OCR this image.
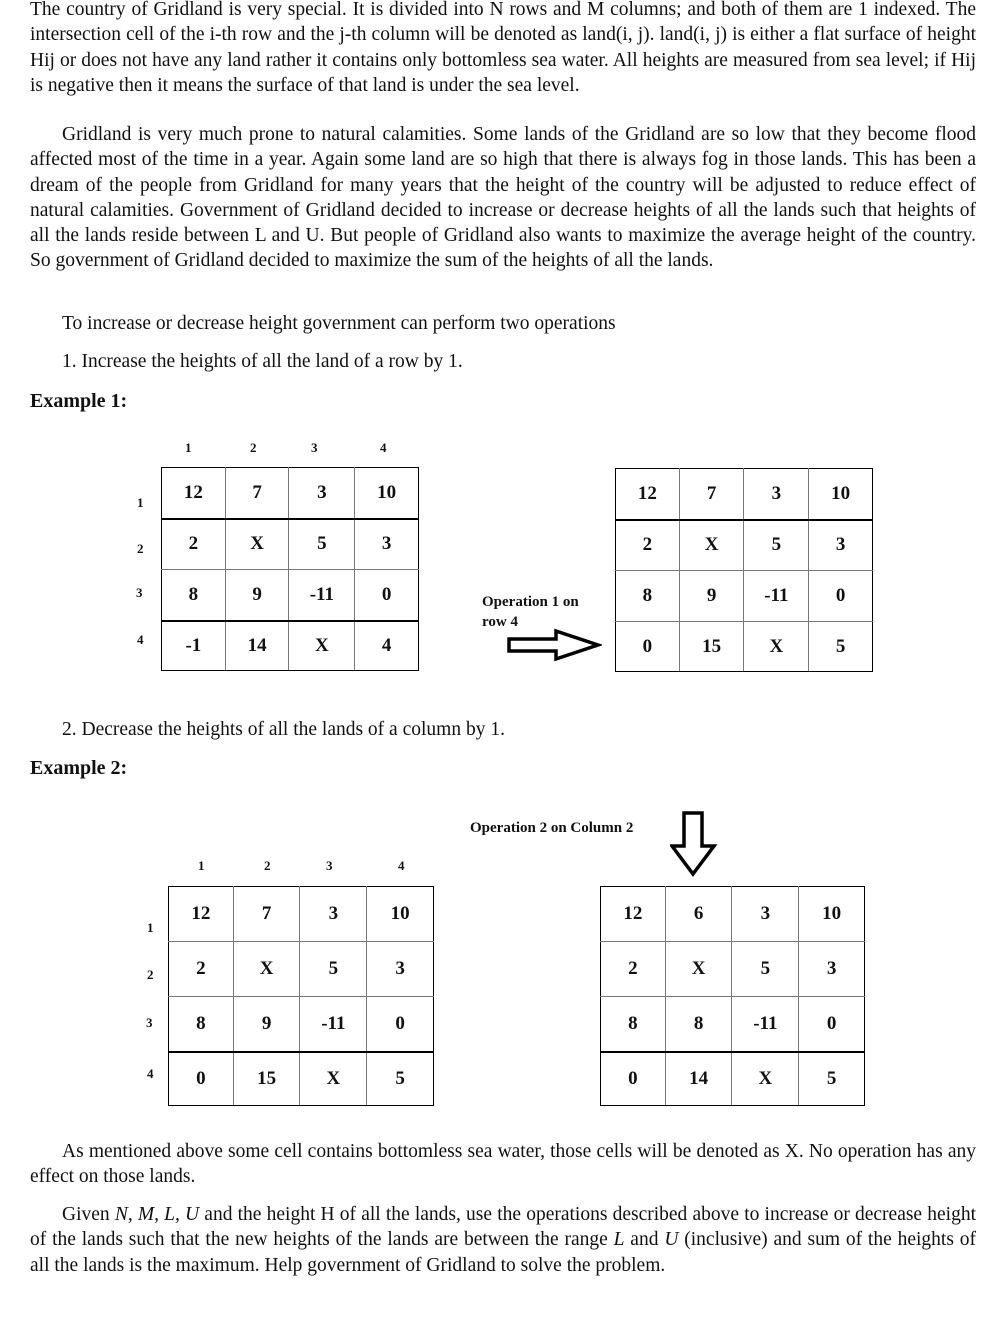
The country of Gridland is very special. It is divided into N rows and M columns; and both of them are 1 indexed. The intersection cell of the i-th row and the j-th column will be denoted as land(i, j). land(i, j) is either a flat surface of height Hij or does not have any land rather it contains only bottomless sea water. All heights are measured from sea level; if Hij is negative then it means the surface of that land is under the sea level.

Gridland is very much prone to natural calamities. Some lands of the Gridland are so low that they become flood affected most of the time in a year. Again some land are so high that there is always fog in those lands. This has been a dream of the people from Gridland for many years that the height of the country will be adjusted to reduce effect of natural calamities. Government of Gridland decided to increase or decrease heights of all the lands such that heights of all the lands reside between L and U. But people of Gridland also wants to maximize the average height of the country. So government of Gridland decided to maximize the sum of the heights of all the lands.

To increase or decrease height government can perform two operations

1. Increase the heights of all the land of a row by 1.

Example 1:

1	2	3	4
1
2
3
4
12	7	3	10
2	X	5	3
8	9	-11	0
-1	14	X	4
Operation 1 on
row 4
12	7	3	10
2	X	5	3
8	9	-11	0
0	15	X	5

2. Decrease the heights of all the lands of a column by 1.

Example 2:

Operation 2 on Column 2
1	2	3	4
1
2
3
4
12	7	3	10
2	X	5	3
8	9	-11	0
0	15	X	5
12	6	3	10
2	X	5	3
8	8	-11	0
0	14	X	5

As mentioned above some cell contains bottomless sea water, those cells will be denoted as X. No operation has any effect on those lands.

Given N, M, L, U and the height H of all the lands, use the operations described above to increase or decrease height of the lands such that the new heights of the lands are between the range L and U (inclusive) and sum of the heights of all the lands is the maximum. Help government of Gridland to solve the problem.
